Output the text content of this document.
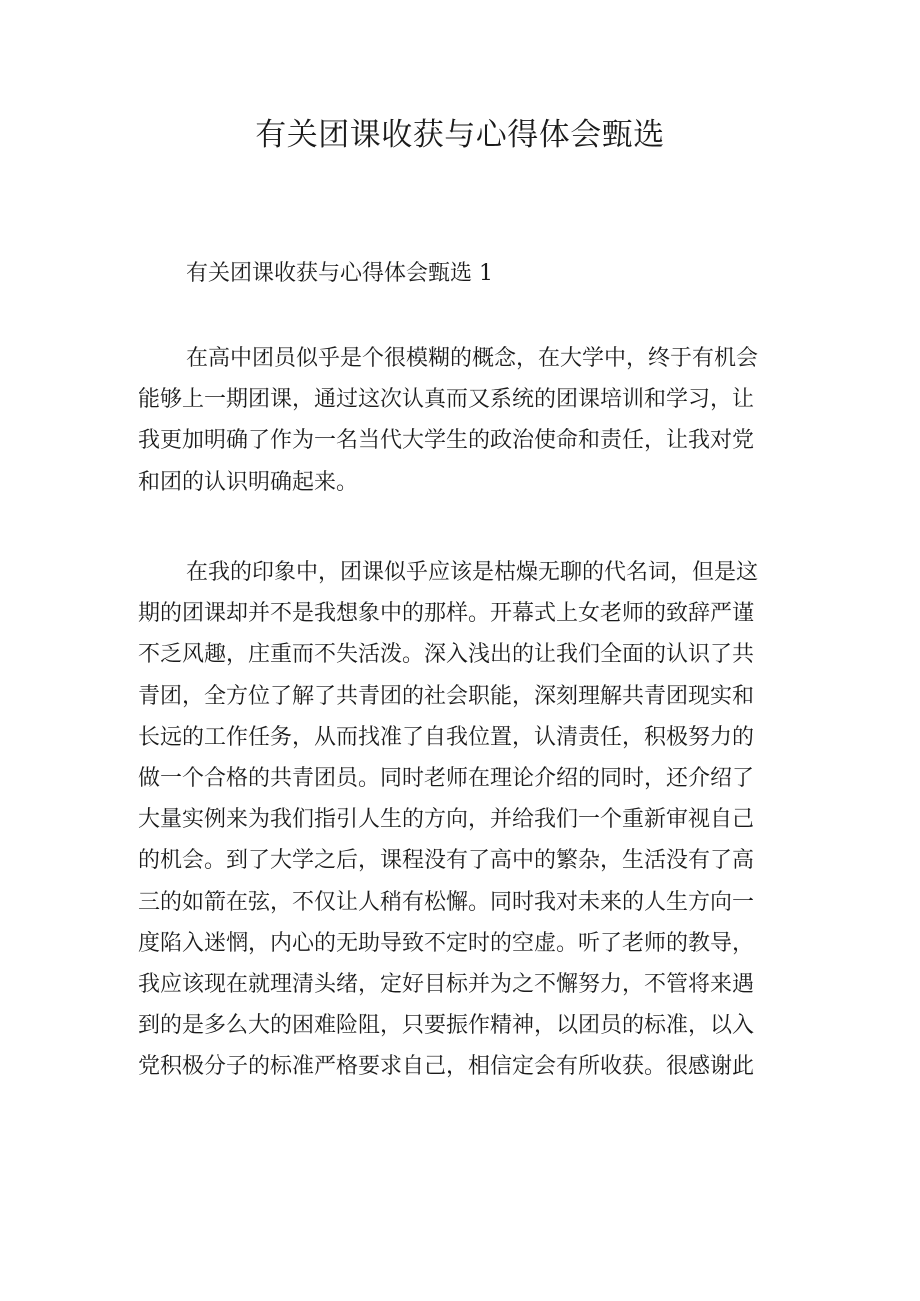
有关团课收获与心得体会甄选
有关团课收获与心得体会甄选 1
在高中团员似乎是个很模糊的概念，在大学中，终于有机会
能够上一期团课，通过这次认真而又系统的团课培训和学习，让
我更加明确了作为一名当代大学生的政治使命和责任，让我对党
和团的认识明确起来。
在我的印象中，团课似乎应该是枯燥无聊的代名词，但是这
期的团课却并不是我想象中的那样。开幕式上女老师的致辞严谨
不乏风趣，庄重而不失活泼。深入浅出的让我们全面的认识了共
青团，全方位了解了共青团的社会职能，深刻理解共青团现实和
长远的工作任务，从而找准了自我位置，认清责任，积极努力的
做一个合格的共青团员。同时老师在理论介绍的同时，还介绍了
大量实例来为我们指引人生的方向，并给我们一个重新审视自己
的机会。到了大学之后，课程没有了高中的繁杂，生活没有了高
三的如箭在弦，不仅让人稍有松懈。同时我对未来的人生方向一
度陷入迷惘，内心的无助导致不定时的空虚。听了老师的教导，
我应该现在就理清头绪，定好目标并为之不懈努力，不管将来遇
到的是多么大的困难险阻，只要振作精神，以团员的标准，以入
党积极分子的标准严格要求自己，相信定会有所收获。很感谢此
